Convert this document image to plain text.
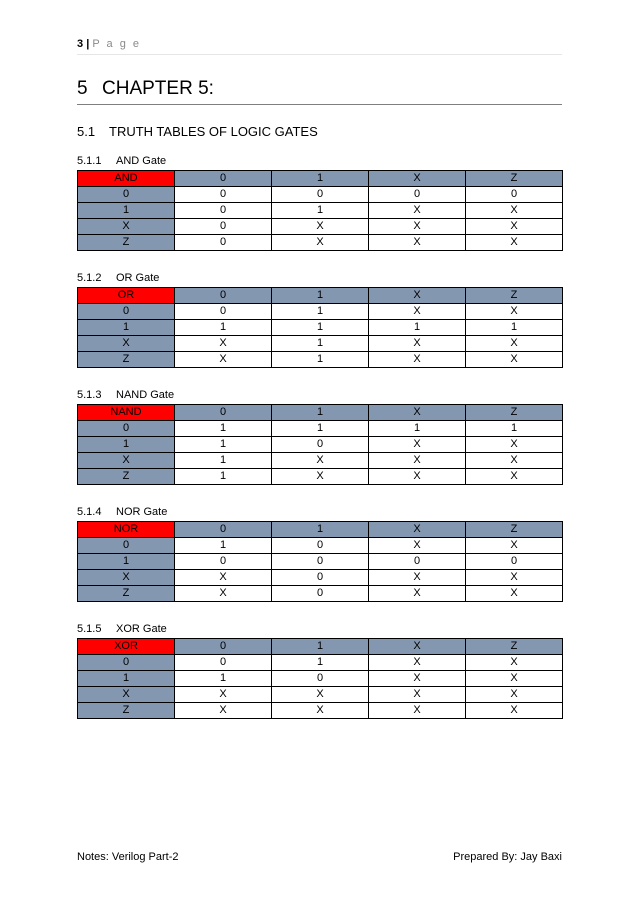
3 | P a g e
5 CHAPTER 5:
5.1 TRUTH TABLES OF LOGIC GATES
5.1.1 AND Gate
AND	0	1	X	Z
0	0	0	0	0
1	0	1	X	X
X	0	X	X	X
Z	0	X	X	X
5.1.2 OR Gate
OR	0	1	X	Z
0	0	1	X	X
1	1	1	1	1
X	X	1	X	X
Z	X	1	X	X
5.1.3 NAND Gate
NAND	0	1	X	Z
0	1	1	1	1
1	1	0	X	X
X	1	X	X	X
Z	1	X	X	X
5.1.4 NOR Gate
NOR	0	1	X	Z
0	1	0	X	X
1	0	0	0	0
X	X	0	X	X
Z	X	0	X	X
5.1.5 XOR Gate
XOR	0	1	X	Z
0	0	1	X	X
1	1	0	X	X
X	X	X	X	X
Z	X	X	X	X
Notes: Verilog Part-2	Prepared By: Jay Baxi
